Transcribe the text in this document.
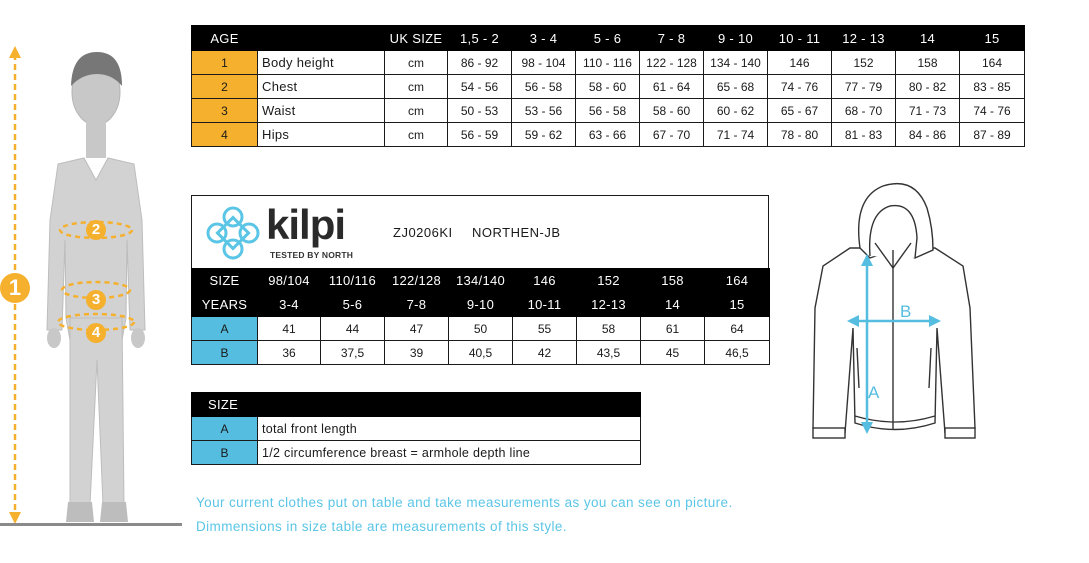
1
2
3
4
AGE		UK SIZE	1,5 - 2	3 - 4	5 - 6	7 - 8	9 - 10	10 - 11	12 - 13	14	15
1	Body height	cm	86 - 92	98 - 104	110 - 116	122 - 128	134 - 140	146	152	158	164
2	Chest	cm	54 - 56	56 - 58	58 - 60	61 - 64	65 - 68	74 - 76	77 - 79	80 - 82	83 - 85
3	Waist	cm	50 - 53	53 - 56	56 - 58	58 - 60	60 - 62	65 - 67	68 - 70	71 - 73	74 - 76
4	Hips	cm	56 - 59	59 - 62	63 - 66	67 - 70	71 - 74	78 - 80	81 - 83	84 - 86	87 - 89
kilpi
TESTED BY NORTH
ZJ0206KI NORTHEN-JB
SIZE	98/104	110/116	122/128	134/140	146	152	158	164
YEARS	3-4	5-6	7-8	9-10	10-11	12-13	14	15
A	41	44	47	50	55	58	61	64
B	36	37,5	39	40,5	42	43,5	45	46,5
SIZE	
A	total front length
B	1/2 circumference breast = armhole depth line
A
B
Your current clothes put on table and take measurements as you can see on picture.
Dimmensions in size table are measurements of this style.
